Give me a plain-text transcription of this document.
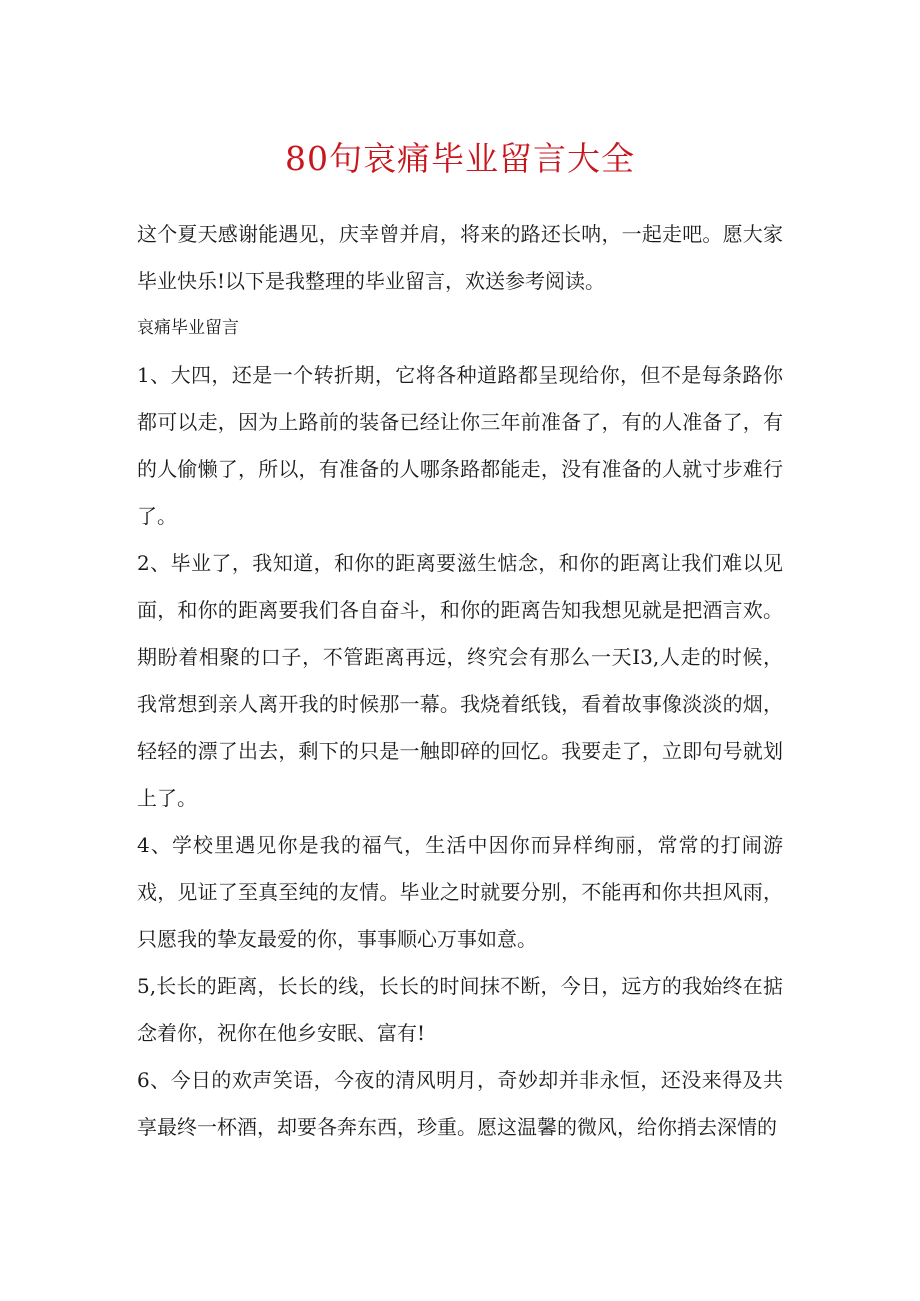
80句哀痛毕业留言大全

这个夏天感谢能遇见，庆幸曾并肩，将来的路还长呐，一起走吧。愿大家毕业快乐!以下是我整理的毕业留言，欢送参考阅读。

哀痛毕业留言

1、大四，还是一个转折期，它将各种道路都呈现给你，但不是每条路你都可以走，因为上路前的装备已经让你三年前准备了，有的人准备了，有的人偷懒了，所以，有准备的人哪条路都能走，没有准备的人就寸步难行了。

2、毕业了，我知道，和你的距离要滋生惦念，和你的距离让我们难以见面，和你的距离要我们各自奋斗，和你的距离告知我想见就是把酒言欢。期盼着相聚的口子，不管距离再远，终究会有那么一天I3,人走的时候，我常想到亲人离开我的时候那一幕。我烧着纸钱，看着故事像淡淡的烟，轻轻的漂了出去，剩下的只是一触即碎的回忆。我要走了，立即句号就划上了。

4、学校里遇见你是我的福气，生活中因你而异样绚丽，常常的打闹游戏，见证了至真至纯的友情。毕业之时就要分别，不能再和你共担风雨，只愿我的挚友最爱的你，事事顺心万事如意。

5,长长的距离，长长的线，长长的时间抹不断，今日，远方的我始终在掂念着你，祝你在他乡安眠、富有!

6、今日的欢声笑语，今夜的清风明月，奇妙却并非永恒，还没来得及共享最终一杯酒，却要各奔东西，珍重。愿这温馨的微风，给你捎去深情的
